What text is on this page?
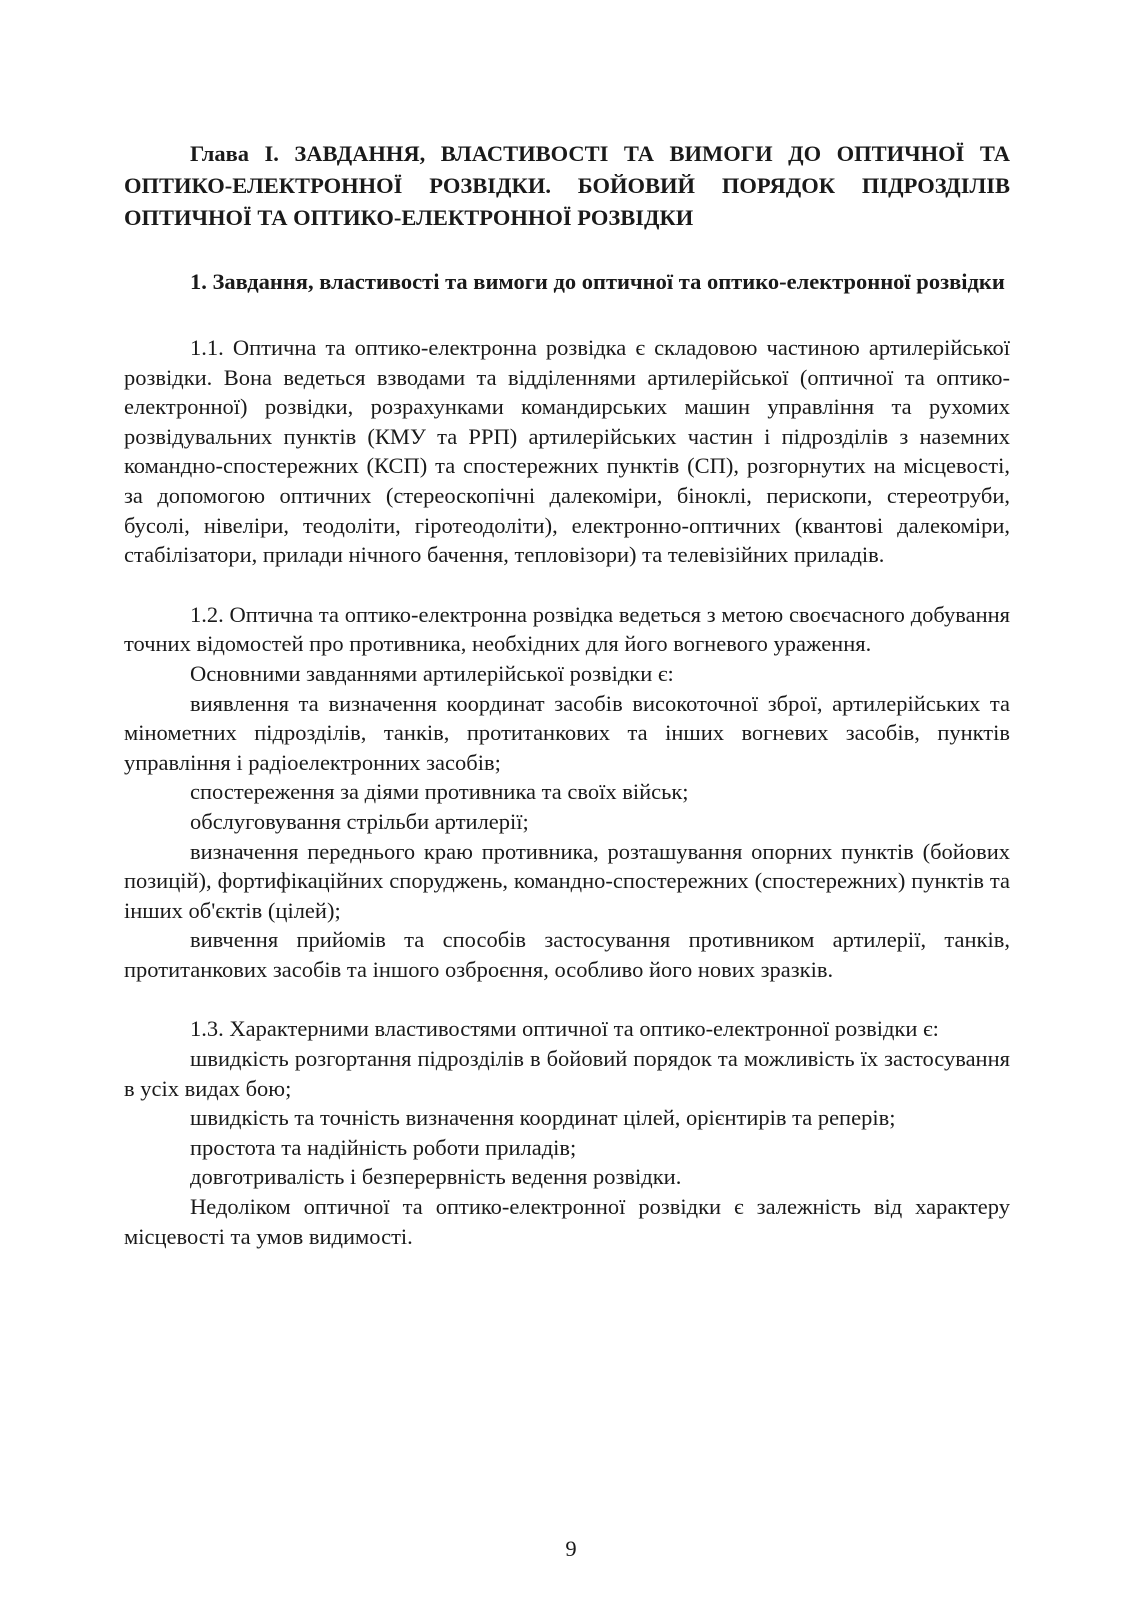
Глава І. ЗАВДАННЯ, ВЛАСТИВОСТІ ТА ВИМОГИ ДО ОПТИЧНОЇ ТА ОПТИКО-ЕЛЕКТРОННОЇ РОЗВІДКИ. БОЙОВИЙ ПОРЯДОК ПІДРОЗДІЛІВ ОПТИЧНОЇ ТА ОПТИКО-ЕЛЕКТРОННОЇ РОЗВІДКИ

1. Завдання, властивості та вимоги до оптичної та оптико-електронної розвідки

1.1. Оптична та оптико-електронна розвідка є складовою частиною артилерійської розвідки. Вона ведеться взводами та відділеннями артилерійської (оптичної та оптико-електронної) розвідки, розрахунками командирських машин управління та рухомих розвідувальних пунктів (КМУ та РРП) артилерійських частин і підрозділів з наземних командно-спостережних (КСП) та спостережних пунктів (СП), розгорнутих на місцевості, за допомогою оптичних (стереоскопічні далекоміри, біноклі, перископи, стереотруби, бусолі, нівеліри, теодоліти, гіротеодоліти), електронно-оптичних (квантові далекоміри, стабілізатори, прилади нічного бачення, тепловізори) та телевізійних приладів.

1.2. Оптична та оптико-електронна розвідка ведеться з метою своєчасного добування точних відомостей про противника, необхідних для його вогневого ураження.

Основними завданнями артилерійської розвідки є:

виявлення та визначення координат засобів високоточної зброї, артилерійських та мінометних підрозділів, танків, протитанкових та інших вогневих засобів, пунктів управління і радіоелектронних засобів;

спостереження за діями противника та своїх військ;

обслуговування стрільби артилерії;

визначення переднього краю противника, розташування опорних пунктів (бойових позицій), фортифікаційних споруджень, командно-спостережних (спостережних) пунктів та інших об'єктів (цілей);

вивчення прийомів та способів застосування противником артилерії, танків, протитанкових засобів та іншого озброєння, особливо його нових зразків.

1.3. Характерними властивостями оптичної та оптико-електронної розвідки є:

швидкість розгортання підрозділів в бойовий порядок та можливість їх застосування в усіх видах бою;

швидкість та точність визначення координат цілей, орієнтирів та реперів;

простота та надійність роботи приладів;

довготривалість і безперервність ведення розвідки.

Недоліком оптичної та оптико-електронної розвідки є залежність від характеру місцевості та умов видимості.

9
